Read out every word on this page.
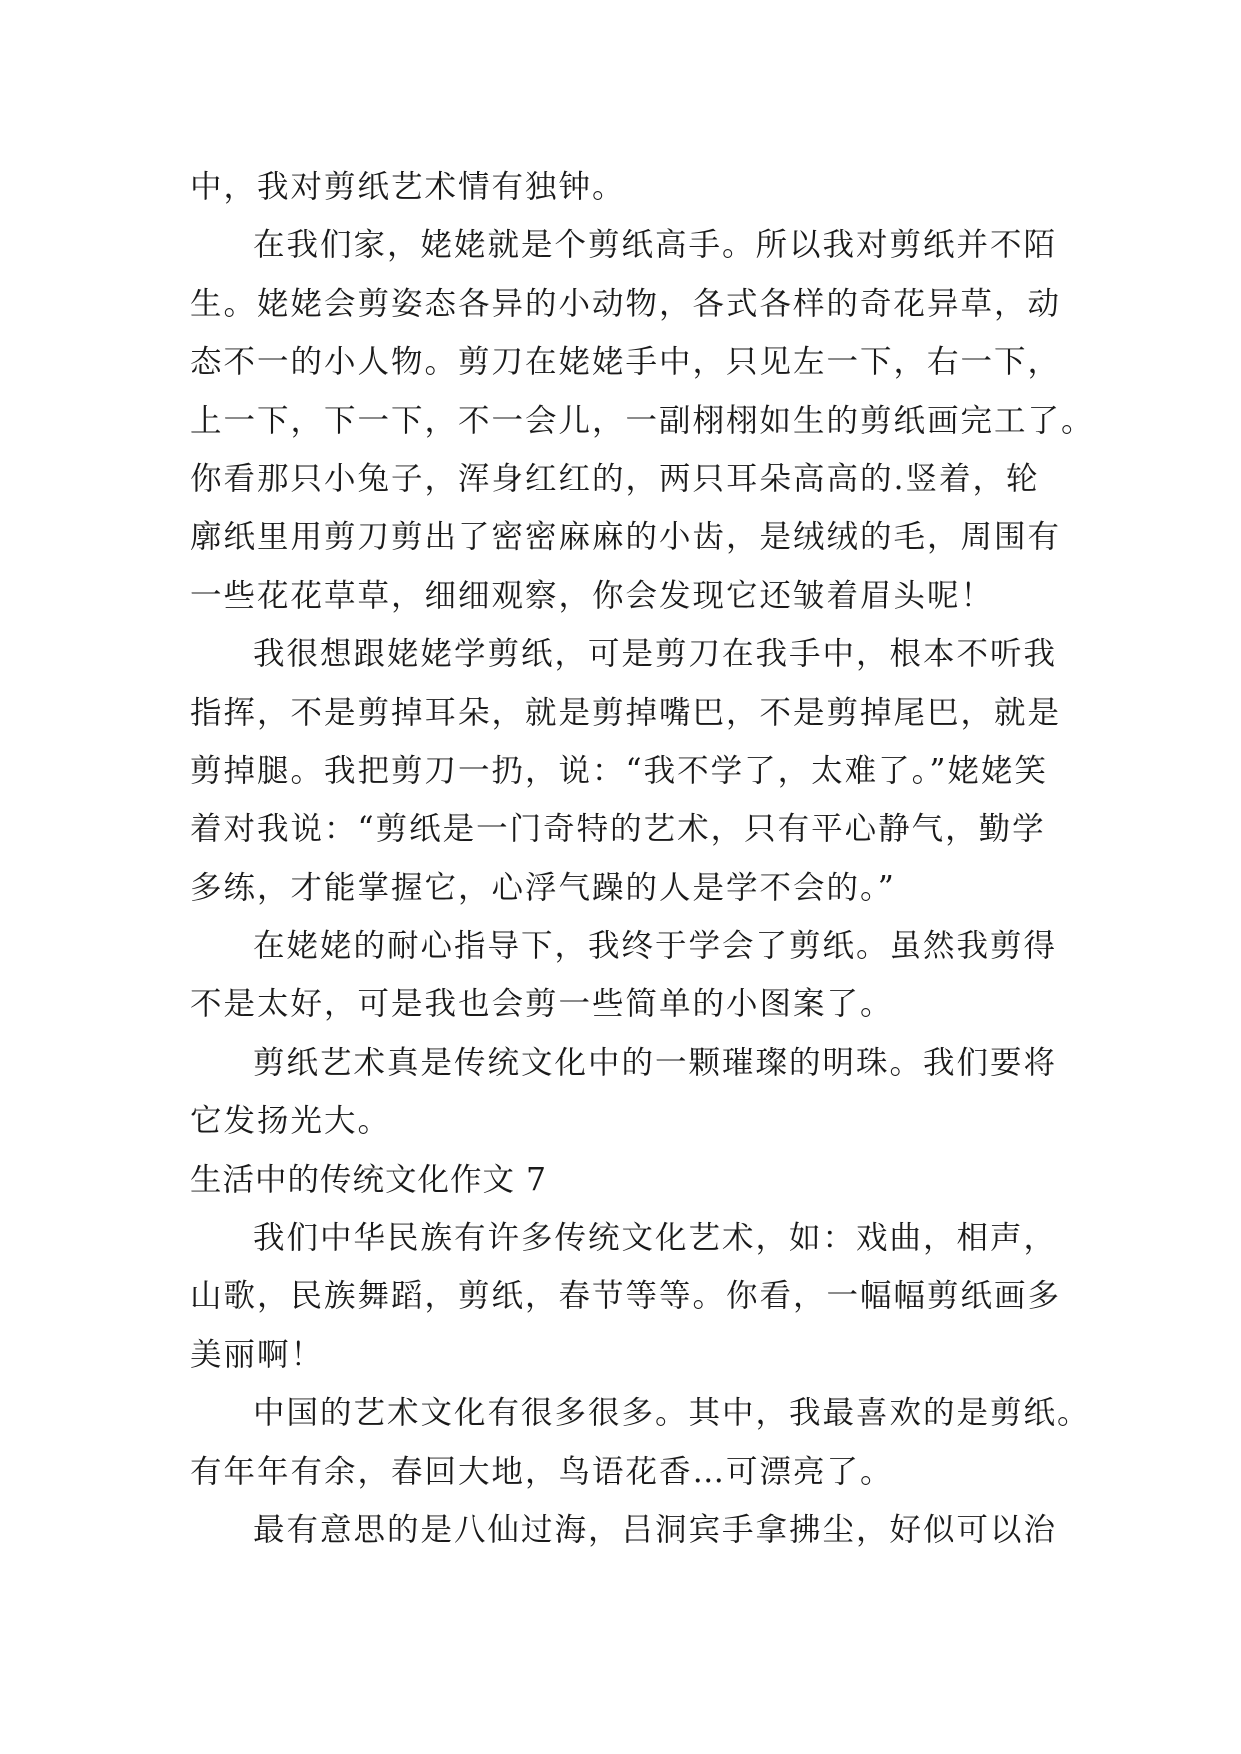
中，我对剪纸艺术情有独钟。
在我们家，姥姥就是个剪纸高手。所以我对剪纸并不陌
生。姥姥会剪姿态各异的小动物，各式各样的奇花异草，动
态不一的小人物。剪刀在姥姥手中，只见左一下，右一下，
上一下，下一下，不一会儿，一副栩栩如生的剪纸画完工了。
你看那只小兔子，浑身红红的，两只耳朵高高的.竖着，轮
廓纸里用剪刀剪出了密密麻麻的小齿，是绒绒的毛，周围有
一些花花草草，细细观察，你会发现它还皱着眉头呢！
我很想跟姥姥学剪纸，可是剪刀在我手中，根本不听我
指挥，不是剪掉耳朵，就是剪掉嘴巴，不是剪掉尾巴，就是
剪掉腿。我把剪刀一扔，说：“我不学了，太难了。”姥姥笑
着对我说：“剪纸是一门奇特的艺术，只有平心静气，勤学
多练，才能掌握它，心浮气躁的人是学不会的。”
在姥姥的耐心指导下，我终于学会了剪纸。虽然我剪得
不是太好，可是我也会剪一些简单的小图案了。
剪纸艺术真是传统文化中的一颗璀璨的明珠。我们要将
它发扬光大。
生活中的传统文化作文 7
我们中华民族有许多传统文化艺术，如：戏曲，相声，
山歌，民族舞蹈，剪纸，春节等等。你看，一幅幅剪纸画多
美丽啊！
中国的艺术文化有很多很多。其中，我最喜欢的是剪纸。
有年年有余，春回大地，鸟语花香…可漂亮了。
最有意思的是八仙过海，吕洞宾手拿拂尘，好似可以治
